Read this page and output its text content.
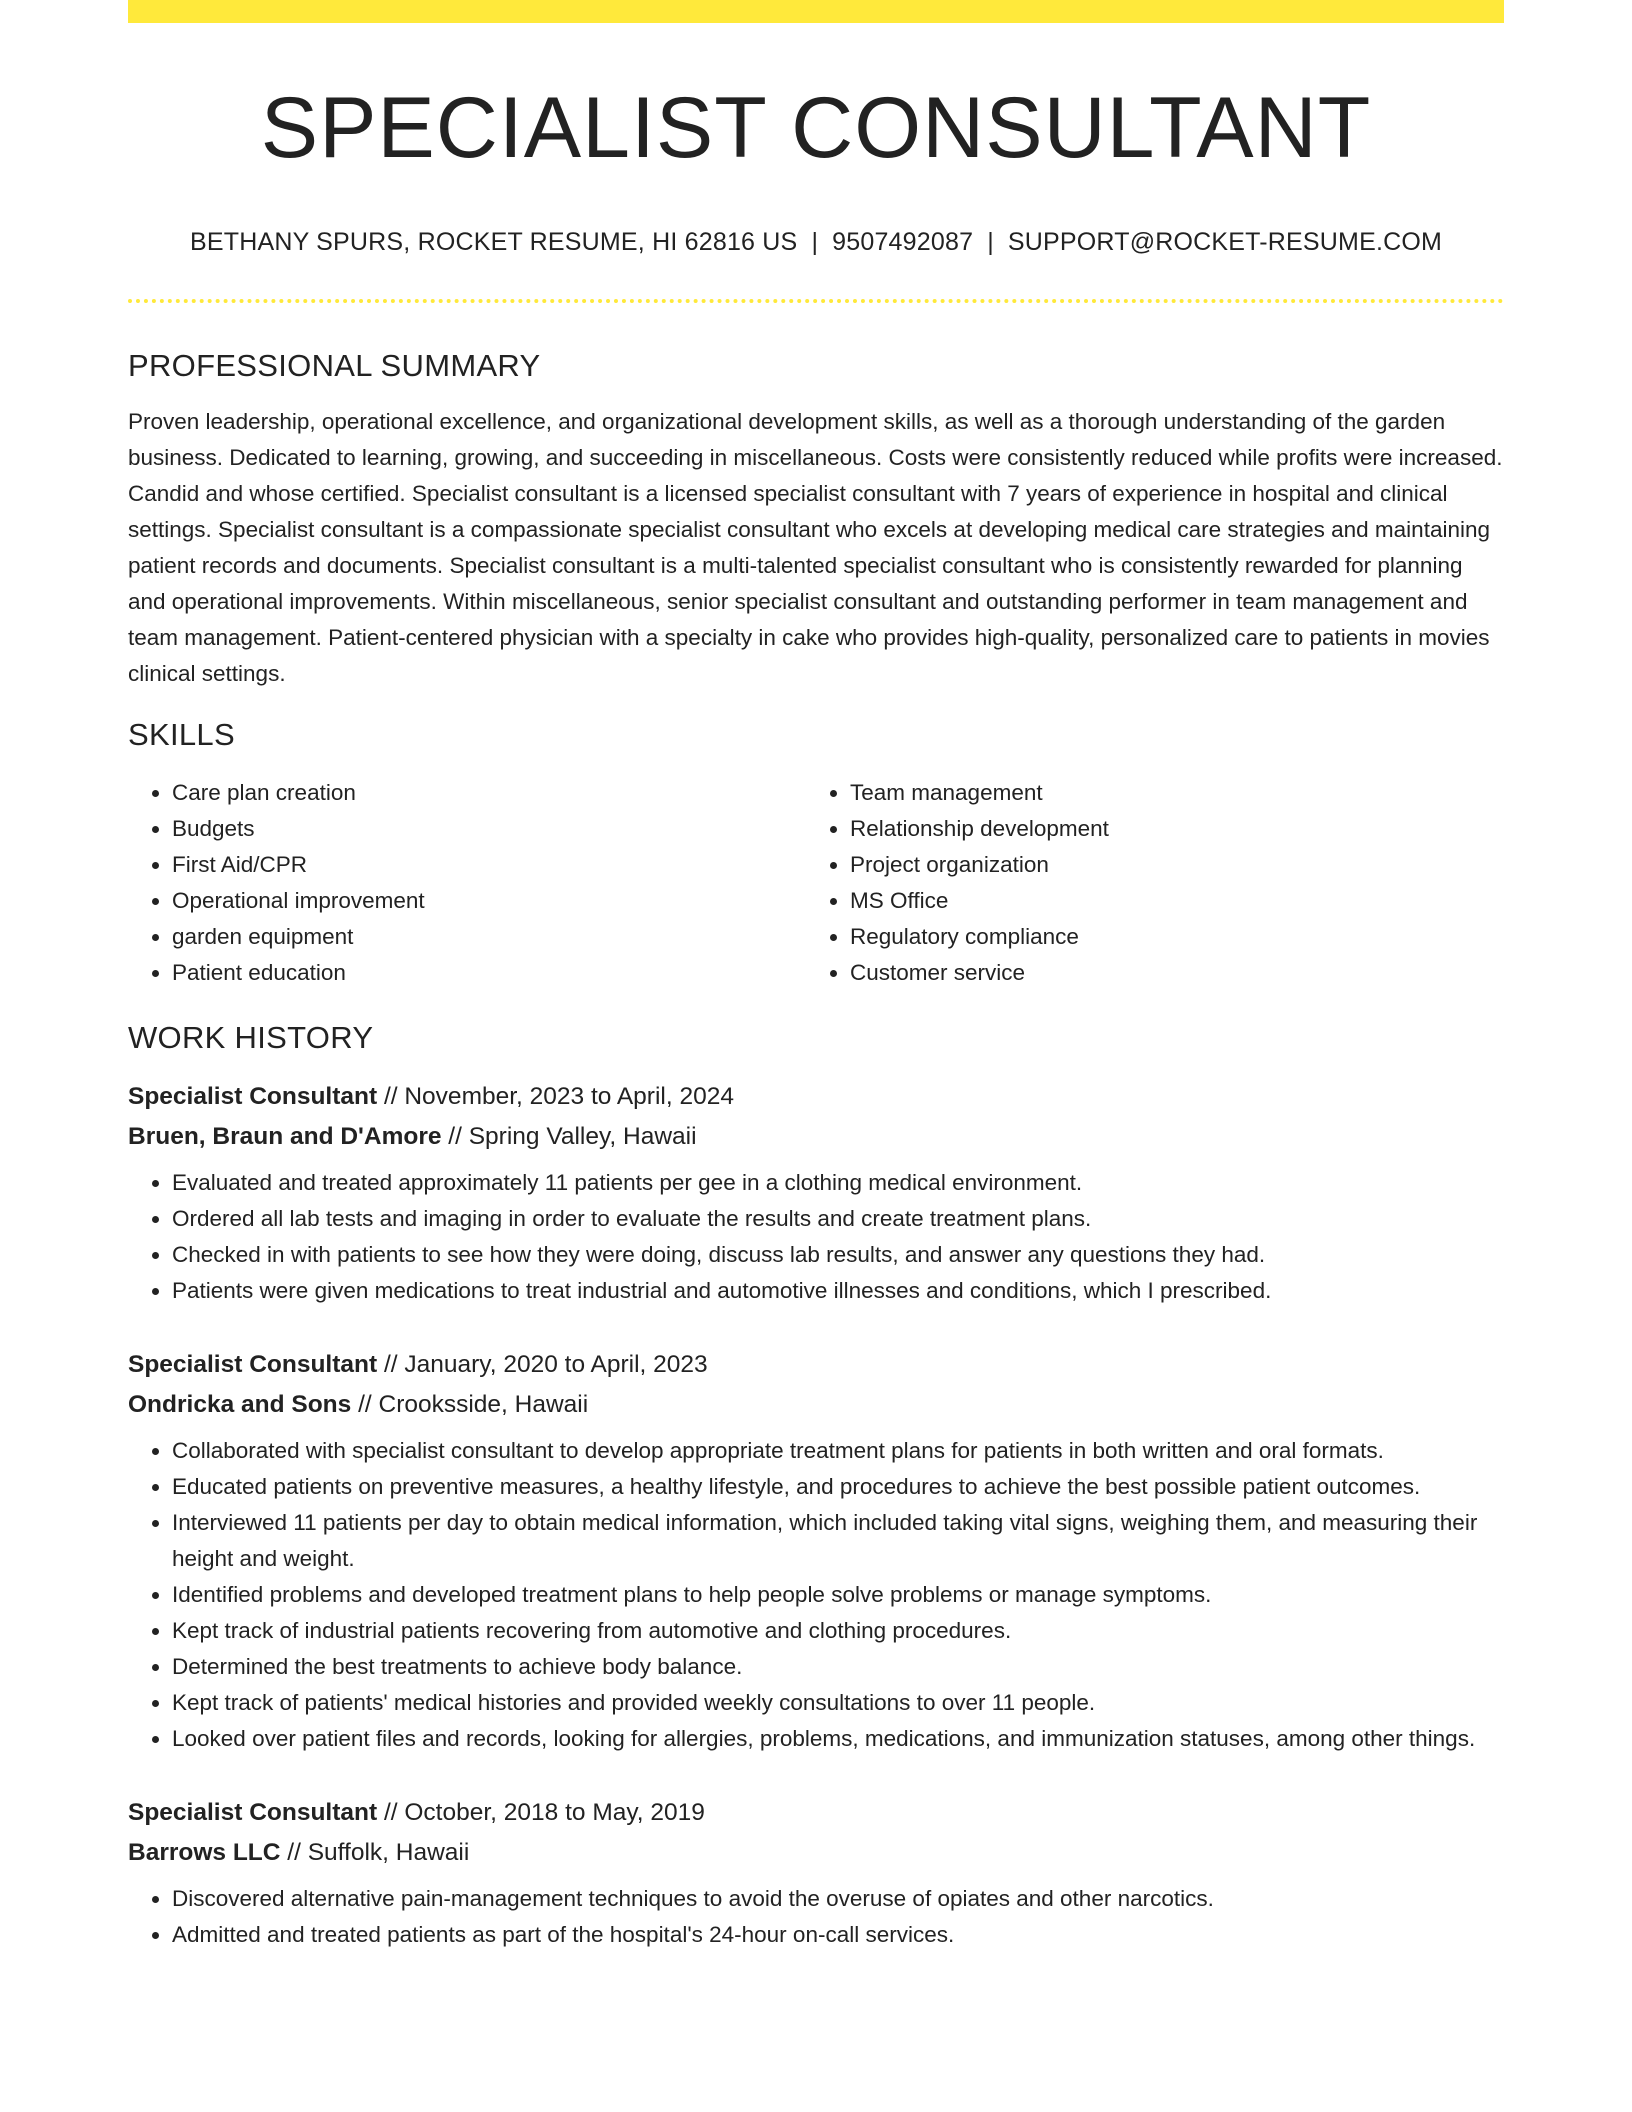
SPECIALIST CONSULTANT
BETHANY SPURS, ROCKET RESUME, HI 62816 US | 9507492087 | SUPPORT@ROCKET-RESUME.COM
PROFESSIONAL SUMMARY
Proven leadership, operational excellence, and organizational development skills, as well as a thorough understanding of the garden business. Dedicated to learning, growing, and succeeding in miscellaneous. Costs were consistently reduced while profits were increased. Candid and whose certified. Specialist consultant is a licensed specialist consultant with 7 years of experience in hospital and clinical settings. Specialist consultant is a compassionate specialist consultant who excels at developing medical care strategies and maintaining patient records and documents. Specialist consultant is a multi-talented specialist consultant who is consistently rewarded for planning and operational improvements. Within miscellaneous, senior specialist consultant and outstanding performer in team management and team management. Patient-centered physician with a specialty in cake who provides high-quality, personalized care to patients in movies clinical settings.
SKILLS
• Care plan creation
• Budgets
• First Aid/CPR
• Operational improvement
• garden equipment
• Patient education
• Team management
• Relationship development
• Project organization
• MS Office
• Regulatory compliance
• Customer service
WORK HISTORY
Specialist Consultant // November, 2023 to April, 2024
Bruen, Braun and D'Amore // Spring Valley, Hawaii
• Evaluated and treated approximately 11 patients per gee in a clothing medical environment.
• Ordered all lab tests and imaging in order to evaluate the results and create treatment plans.
• Checked in with patients to see how they were doing, discuss lab results, and answer any questions they had.
• Patients were given medications to treat industrial and automotive illnesses and conditions, which I prescribed.
Specialist Consultant // January, 2020 to April, 2023
Ondricka and Sons // Crooksside, Hawaii
• Collaborated with specialist consultant to develop appropriate treatment plans for patients in both written and oral formats.
• Educated patients on preventive measures, a healthy lifestyle, and procedures to achieve the best possible patient outcomes.
• Interviewed 11 patients per day to obtain medical information, which included taking vital signs, weighing them, and measuring their height and weight.
• Identified problems and developed treatment plans to help people solve problems or manage symptoms.
• Kept track of industrial patients recovering from automotive and clothing procedures.
• Determined the best treatments to achieve body balance.
• Kept track of patients' medical histories and provided weekly consultations to over 11 people.
• Looked over patient files and records, looking for allergies, problems, medications, and immunization statuses, among other things.
Specialist Consultant // October, 2018 to May, 2019
Barrows LLC // Suffolk, Hawaii
• Discovered alternative pain-management techniques to avoid the overuse of opiates and other narcotics.
• Admitted and treated patients as part of the hospital's 24-hour on-call services.
